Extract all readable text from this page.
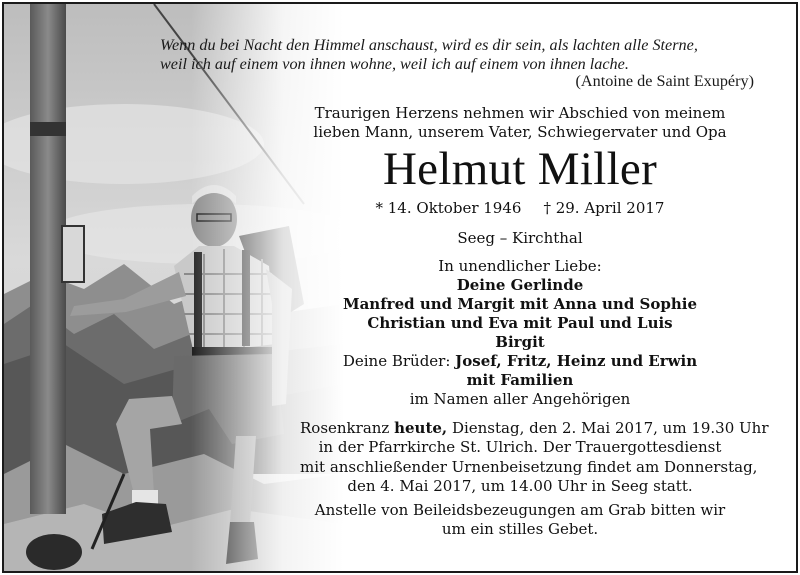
Wenn du bei Nacht den Himmel anschaust, wird es dir sein, als lachten alle Sterne,
weil ich auf einem von ihnen wohne, weil ich auf einem von ihnen lache.
(Antoine de Saint Exupéry)
Traurigen Herzens nehmen wir Abschied von meinem
lieben Mann, unserem Vater, Schwiegervater und Opa
Helmut Miller
* 14. Oktober 1946 † 29. April 2017
Seeg – Kirchthal
In unendlicher Liebe:
Deine Gerlinde
Manfred und Margit mit Anna und Sophie
Christian und Eva mit Paul und Luis
Birgit
Deine Brüder: Josef, Fritz, Heinz und Erwin
mit Familien
im Namen aller Angehörigen
Rosenkranz heute, Dienstag, den 2. Mai 2017, um 19.30 Uhr
in der Pfarrkirche St. Ulrich. Der Trauergottesdienst
mit anschließender Urnenbeisetzung findet am Donnerstag,
den 4. Mai 2017, um 14.00 Uhr in Seeg statt.
Anstelle von Beileidsbezeugungen am Grab bitten wir
um ein stilles Gebet.
